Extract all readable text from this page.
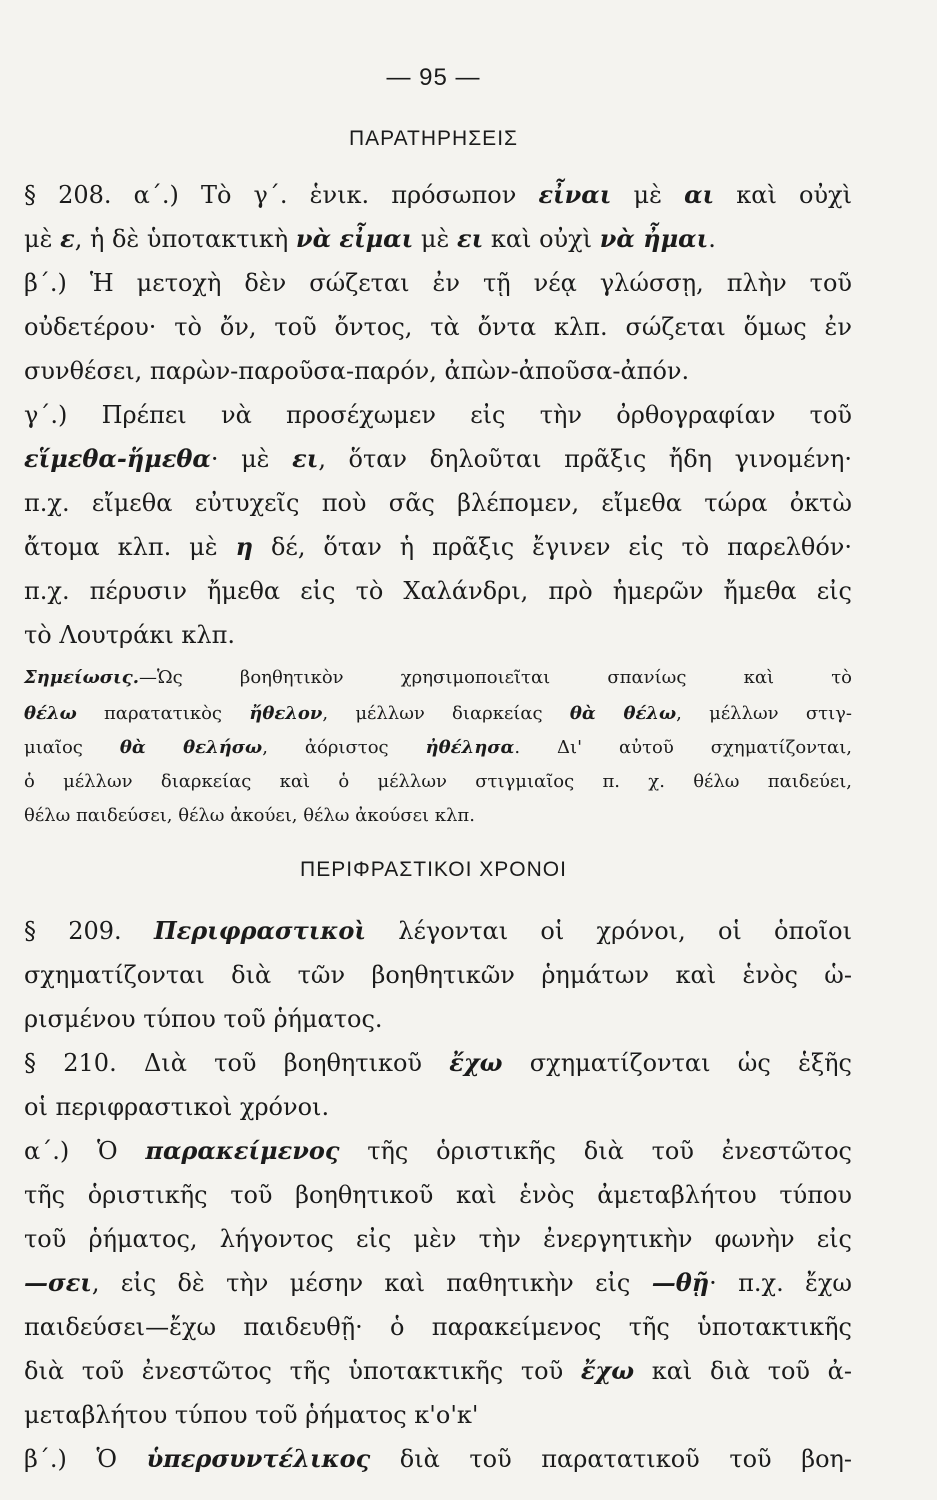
— 95 —
ΠΑΡΑΤΗΡΗΣΕΙΣ
§ 208. α΄.) Τὸ γ΄. ἑνικ. πρόσωπον εἶναι μὲ αι καὶ οὐχὶ
μὲ ε, ἡ δὲ ὑποτακτικὴ νὰ εἶμαι μὲ ει καὶ οὐχὶ νὰ ἦμαι.
β΄.) Ἡ μετοχὴ δὲν σώζεται ἐν τῇ νέᾳ γλώσσῃ, πλὴν τοῦ
οὐδετέρου· τὸ ὄν, τοῦ ὄντος, τὰ ὄντα κλπ. σώζεται ὅμως ἐν
συνθέσει, παρὼν-παροῦσα-παρόν, ἀπὼν-ἀποῦσα-ἀπόν.
γ΄.) Πρέπει νὰ προσέχωμεν εἰς τὴν ὀρθογραφίαν τοῦ
εἵμεθα-ἥμεθα· μὲ ει, ὅταν δηλοῦται πρᾶξις ἤδη γινομένη·
π.χ. εἴμεθα εὐτυχεῖς ποὺ σᾶς βλέπομεν, εἴμεθα τώρα ὀκτὼ
ἄτομα κλπ. μὲ η δέ, ὅταν ἡ πρᾶξις ἔγινεν εἰς τὸ παρελθόν·
π.χ. πέρυσιν ἤμεθα εἰς τὸ Χαλάνδρι, πρὸ ἡμερῶν ἤμεθα εἰς
τὸ Λουτράκι κλπ.
Σημείωσις.—Ὡς βοηθητικὸν χρησιμοποιεῖται σπανίως καὶ τὸ
θέλω παρατατικὸς ἤθελον, μέλλων διαρκείας θὰ θέλω, μέλλων στιγ-
μιαῖος θὰ θελήσω, ἀόριστος ἠθέλησα. Δι' αὐτοῦ σχηματίζονται,
ὁ μέλλων διαρκείας καὶ ὁ μέλλων στιγμιαῖος π. χ. θέλω παιδεύει,
θέλω παιδεύσει, θέλω ἀκούει, θέλω ἀκούσει κλπ.
ΠΕΡΙΦΡΑΣΤΙΚΟΙ ΧΡΟΝΟΙ
§ 209. Περιφραστικοὶ λέγονται οἱ χρόνοι, οἱ ὁποῖοι
σχηματίζονται διὰ τῶν βοηθητικῶν ῥημάτων καὶ ἑνὸς ὡ-
ρισμένου τύπου τοῦ ῥήματος.
§ 210. Διὰ τοῦ βοηθητικοῦ ἔχω σχηματίζονται ὡς ἑξῆς
οἱ περιφραστικοὶ χρόνοι.
α΄.) Ὁ παρακείμενος τῆς ὁριστικῆς διὰ τοῦ ἐνεστῶτος
τῆς ὁριστικῆς τοῦ βοηθητικοῦ καὶ ἑνὸς ἀμεταβλήτου τύπου
τοῦ ῥήματος, λήγοντος εἰς μὲν τὴν ἐνεργητικὴν φωνὴν εἰς
—σει, εἰς δὲ τὴν μέσην καὶ παθητικὴν εἰς —θῇ· π.χ. ἔχω
παιδεύσει—ἔχω παιδευθῇ· ὁ παρακείμενος τῆς ὑποτακτικῆς
διὰ τοῦ ἐνεστῶτος τῆς ὑποτακτικῆς τοῦ ἔχω καὶ διὰ τοῦ ἀ-
μεταβλήτου τύπου τοῦ ῥήματος κ'ο'κ'
β΄.) Ὁ ὑπερσυντέλικος διὰ τοῦ παρατατικοῦ τοῦ βοη-
